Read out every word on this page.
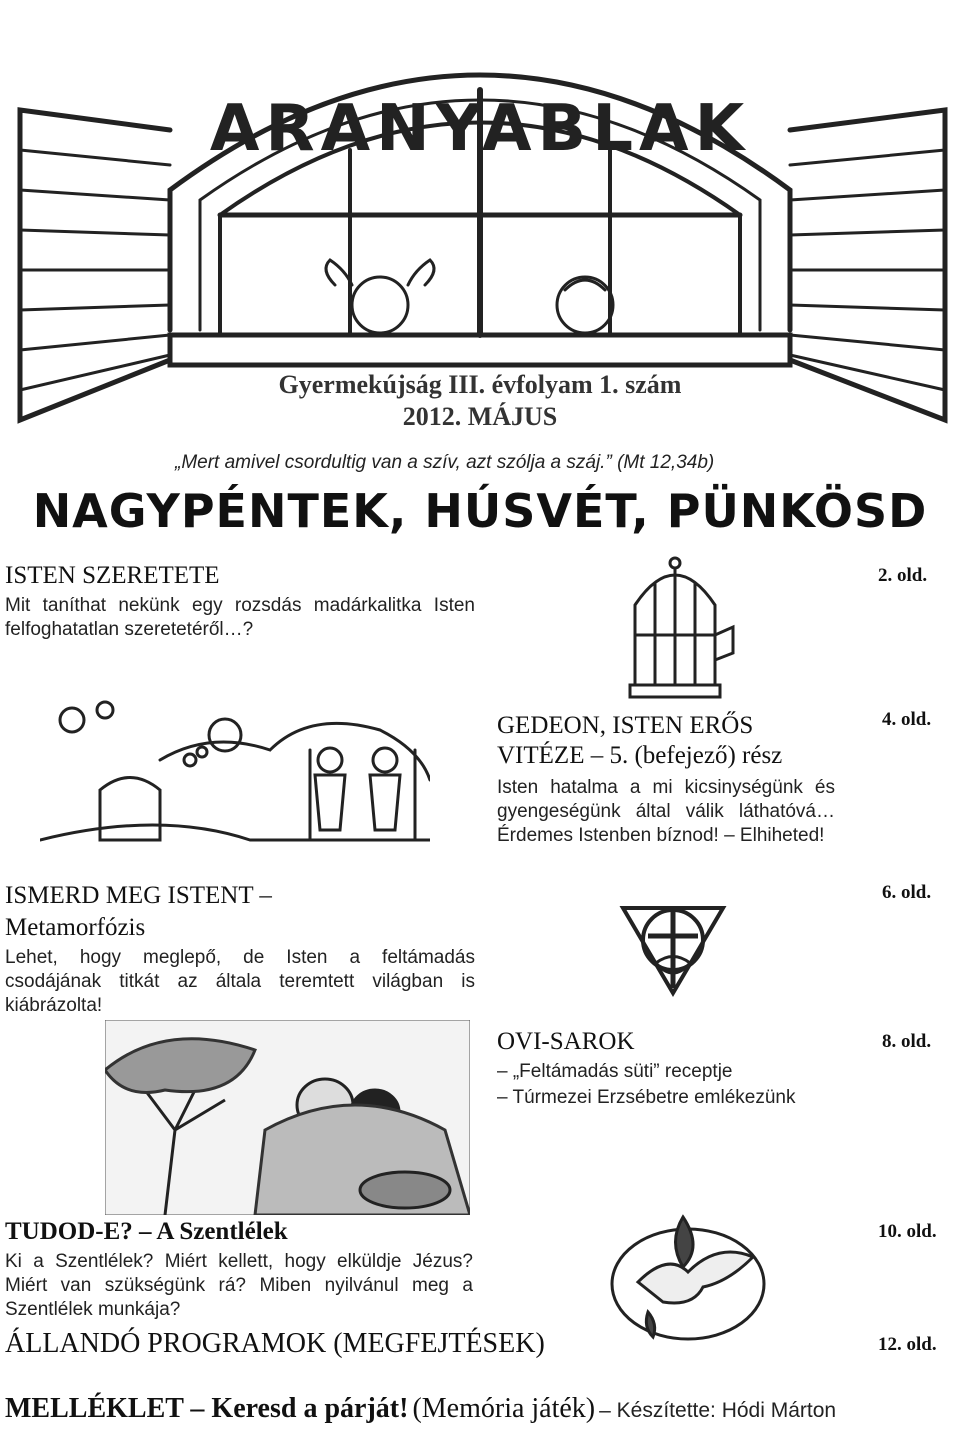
ARANYABLAK
Gyermekújság III. évfolyam 1. szám
2012. MÁJUS
„Mert amivel csordultig van a szív, azt szólja a száj.” (Mt 12,34b)
NAGYPÉNTEK, HÚSVÉT, PÜNKÖSD
ISTEN SZERETETE
Mit taníthat nekünk egy rozsdás madárkalitka Isten felfoghatatlan szeretetéről…?
2. old.
GEDEON, ISTEN ERŐS
VITÉZE – 5. (befejező) rész
Isten hatalma a mi kicsinységünk és gyengeségünk által válik láthatóvá… Érdemes Istenben bíznod! – Elhiheted!
4. old.
ISMERD MEG ISTENT –
Metamorfózis
Lehet, hogy meglepő, de Isten a feltámadás csodájának titkát az általa teremtett világban is kiábrázolta!
6. old.
OVI-SAROK
– „Feltámadás süti” receptje
– Túrmezei Erzsébetre emlékezünk
8. old.
TUDOD-E? – A Szentlélek
Ki a Szentlélek? Miért kellett, hogy elküldje Jézus? Miért van szükségünk rá? Miben nyilvánul meg a Szentlélek munkája?
10. old.
ÁLLANDÓ PROGRAMOK (MEGFEJTÉSEK)	12. old.
MELLÉKLET – Keresd a párját! (Memória játék) – Készítette: Hódi Márton
